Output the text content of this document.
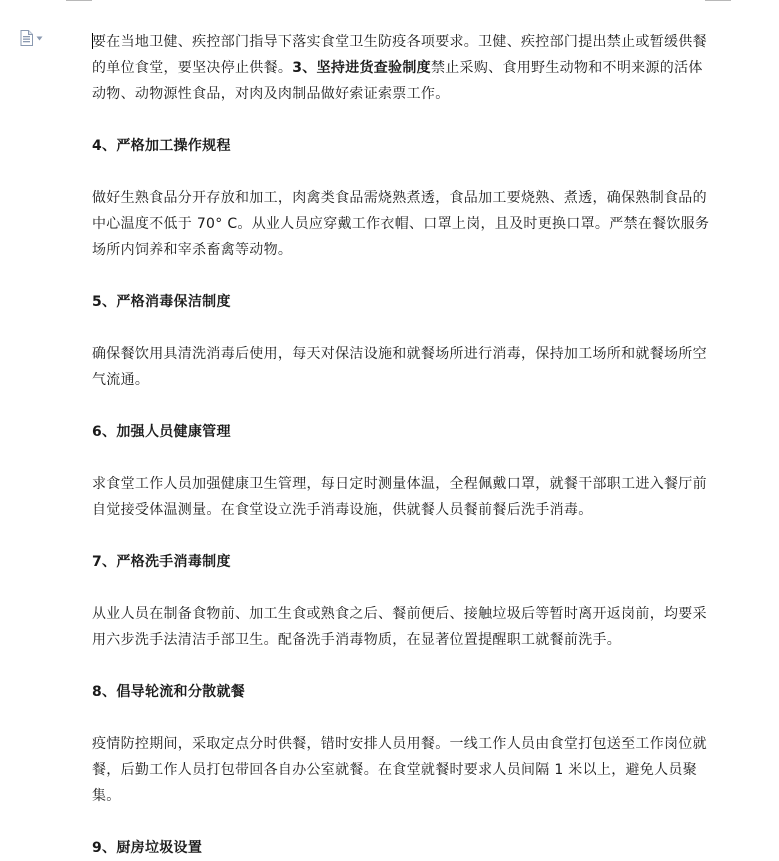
要在当地卫健、疾控部门指导下落实食堂卫生防疫各项要求。卫健、疾控部门提出禁止或暂缓供餐的单位食堂，要坚决停止供餐。3、坚持进货查验制度禁止采购、食用野生动物和不明来源的活体动物、动物源性食品，对肉及肉制品做好索证索票工作。

4、严格加工操作规程

做好生熟食品分开存放和加工，肉禽类食品需烧熟煮透，食品加工要烧熟、煮透，确保熟制食品的中心温度不低于 70° C。从业人员应穿戴工作衣帽、口罩上岗，且及时更换口罩。严禁在餐饮服务场所内饲养和宰杀畜禽等动物。

5、严格消毒保洁制度

确保餐饮用具清洗消毒后使用，每天对保洁设施和就餐场所进行消毒，保持加工场所和就餐场所空气流通。

6、加强人员健康管理

求食堂工作人员加强健康卫生管理，每日定时测量体温，全程佩戴口罩，就餐干部职工进入餐厅前自觉接受体温测量。在食堂设立洗手消毒设施，供就餐人员餐前餐后洗手消毒。

7、严格洗手消毒制度

从业人员在制备食物前、加工生食或熟食之后、餐前便后、接触垃圾后等暂时离开返岗前，均要采用六步洗手法清洁手部卫生。配备洗手消毒物质，在显著位置提醒职工就餐前洗手。

8、倡导轮流和分散就餐

疫情防控期间，采取定点分时供餐，错时安排人员用餐。一线工作人员由食堂打包送至工作岗位就餐，后勤工作人员打包带回各自办公室就餐。在食堂就餐时要求人员间隔 1 米以上，避免人员聚集。

9、厨房垃圾设置
